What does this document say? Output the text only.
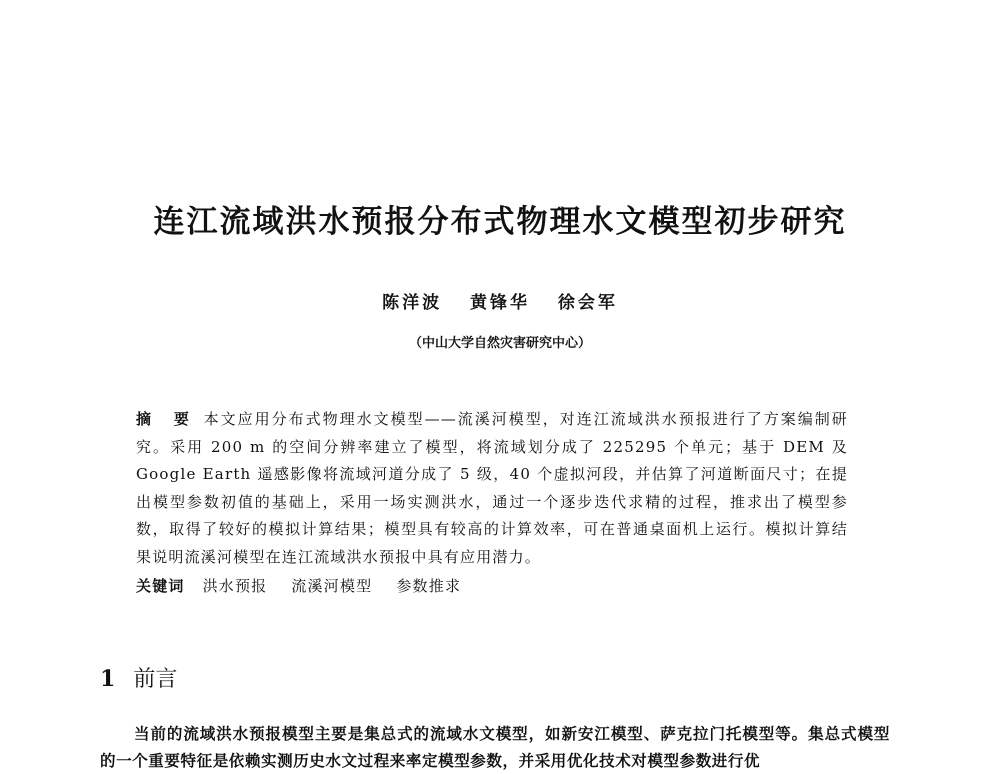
连江流域洪水预报分布式物理水文模型初步研究
陈洋波 黄锋华 徐会军
（中山大学自然灾害研究中心）
摘 要 本文应用分布式物理水文模型——流溪河模型，对连江流域洪水预报进行了方案编制研究。采用 200 m 的空间分辨率建立了模型，将流域划分成了 225295 个单元；基于 DEM 及 Google Earth 遥感影像将流域河道分成了 5 级，40 个虚拟河段，并估算了河道断面尺寸；在提出模型参数初值的基础上，采用一场实测洪水，通过一个逐步迭代求精的过程，推求出了模型参数，取得了较好的模拟计算结果；模型具有较高的计算效率，可在普通桌面机上运行。模拟计算结果说明流溪河模型在连江流域洪水预报中具有应用潜力。
关键词 洪水预报 流溪河模型 参数推求
1 前言
当前的流域洪水预报模型主要是集总式的流域水文模型，如新安江模型、萨克拉门托模型等。集总式模型的一个重要特征是依赖实测历史水文过程来率定模型参数，并采用优化技术对模型参数进行优
